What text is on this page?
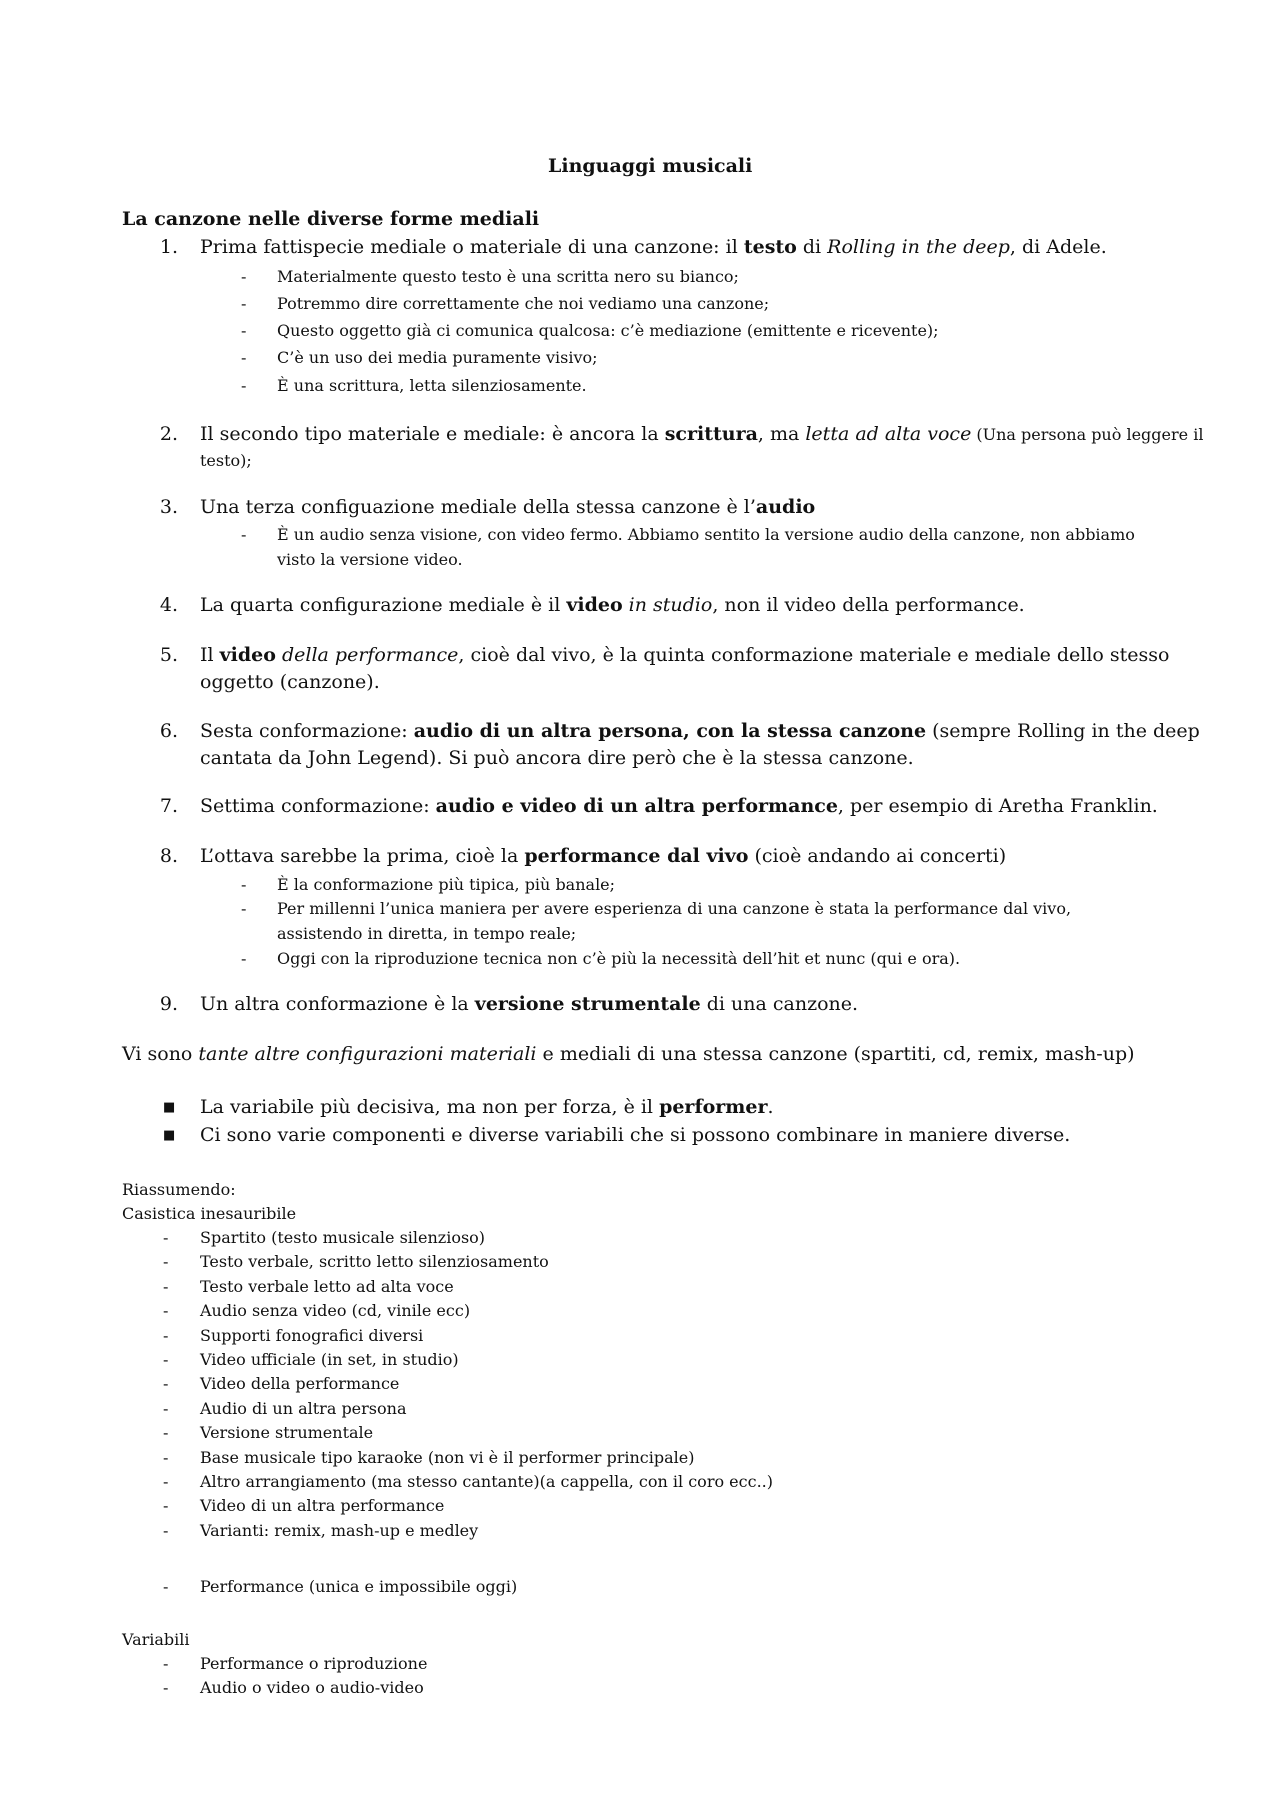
Linguaggi musicali
La canzone nelle diverse forme mediali
1. Prima fattispecie mediale o materiale di una canzone: il testo di Rolling in the deep, di Adele.
- Materialmente questo testo è una scritta nero su bianco;
- Potremmo dire correttamente che noi vediamo una canzone;
- Questo oggetto già ci comunica qualcosa: c’è mediazione (emittente e ricevente);
- C’è un uso dei media puramente visivo;
- È una scrittura, letta silenziosamente.
2. Il secondo tipo materiale e mediale: è ancora la scrittura, ma letta ad alta voce (Una persona può leggere il
testo);
3. Una terza configuazione mediale della stessa canzone è l’audio
- È un audio senza visione, con video fermo. Abbiamo sentito la versione audio della canzone, non abbiamo
visto la versione video.
4. La quarta configurazione mediale è il video in studio, non il video della performance.
5. Il video della performance, cioè dal vivo, è la quinta conformazione materiale e mediale dello stesso
oggetto (canzone).
6. Sesta conformazione: audio di un altra persona, con la stessa canzone (sempre Rolling in the deep
cantata da John Legend). Si può ancora dire però che è la stessa canzone.
7. Settima conformazione: audio e video di un altra performance, per esempio di Aretha Franklin.
8. L’ottava sarebbe la prima, cioè la performance dal vivo (cioè andando ai concerti)
- È la conformazione più tipica, più banale;
- Per millenni l’unica maniera per avere esperienza di una canzone è stata la performance dal vivo,
assistendo in diretta, in tempo reale;
- Oggi con la riproduzione tecnica non c’è più la necessità dell’hit et nunc (qui e ora).
9. Un altra conformazione è la versione strumentale di una canzone.
Vi sono tante altre configurazioni materiali e mediali di una stessa canzone (spartiti, cd, remix, mash-up)
■ La variabile più decisiva, ma non per forza, è il performer.
■ Ci sono varie componenti e diverse variabili che si possono combinare in maniere diverse.
Riassumendo:
Casistica inesauribile
- Spartito (testo musicale silenzioso)
- Testo verbale, scritto letto silenziosamento
- Testo verbale letto ad alta voce
- Audio senza video (cd, vinile ecc)
- Supporti fonografici diversi
- Video ufficiale (in set, in studio)
- Video della performance
- Audio di un altra persona
- Versione strumentale
- Base musicale tipo karaoke (non vi è il performer principale)
- Altro arrangiamento (ma stesso cantante)(a cappella, con il coro ecc..)
- Video di un altra performance
- Varianti: remix, mash-up e medley
- Performance (unica e impossibile oggi)
Variabili
- Performance o riproduzione
- Audio o video o audio-video
